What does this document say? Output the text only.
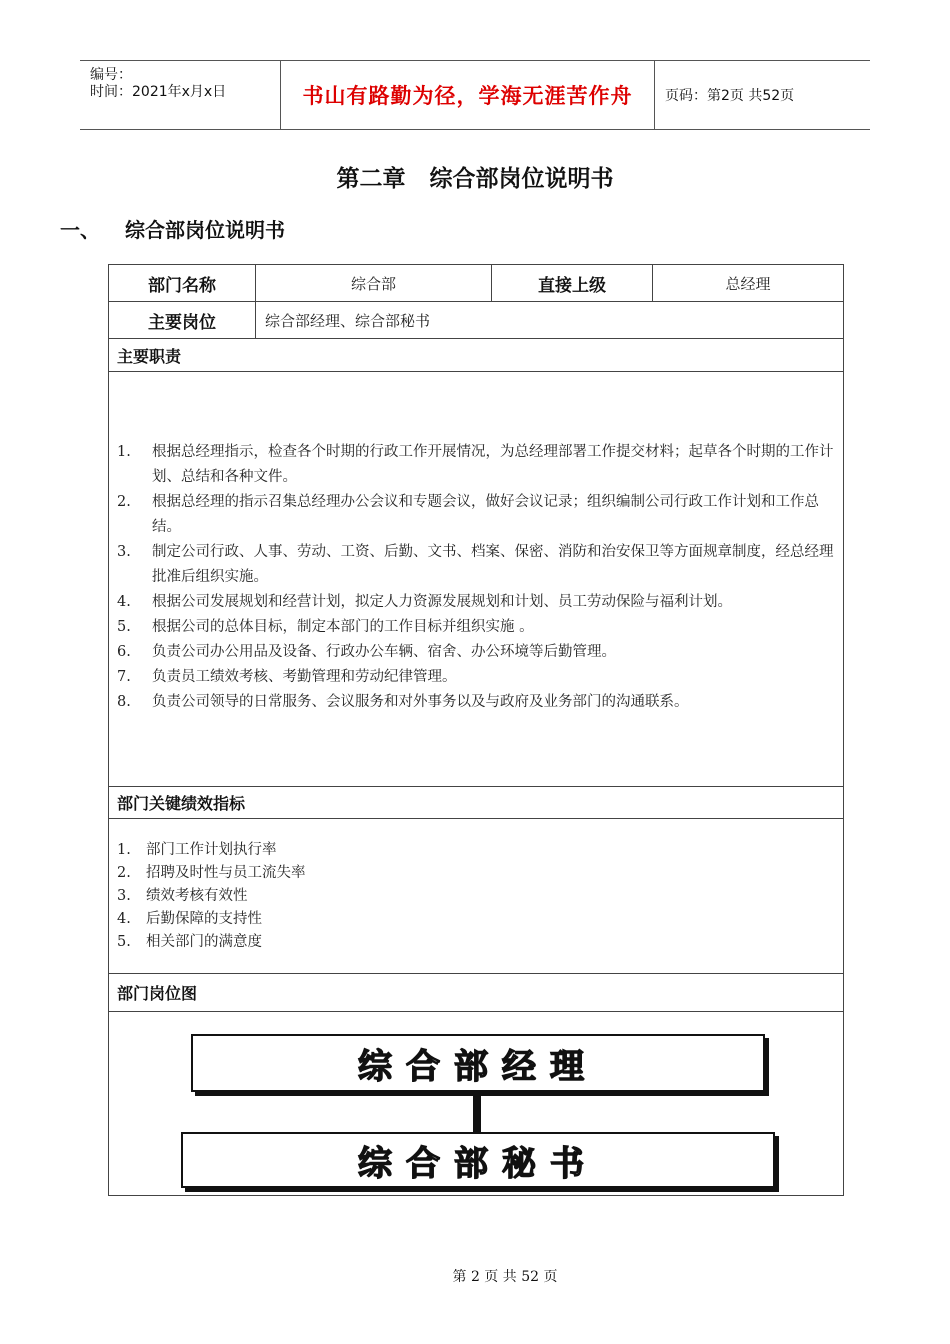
编号：
时间：2021年x月x日	书山有路勤为径，学海无涯苦作舟 页码：第2页 共52页
第二章   综合部岗位说明书
一、 综合部岗位说明书
部门名称	综合部	直接上级	总经理
主要岗位	综合部经理、综合部秘书
主要职责
1. 根据总经理指示，检查各个时期的行政工作开展情况，为总经理部署工作提交材料；起草各个时期的工作计划、总结和各种文件。
2. 根据总经理的指示召集总经理办公会议和专题会议，做好会议记录；组织编制公司行政工作计划和工作总结。
3. 制定公司行政、人事、劳动、工资、后勤、文书、档案、保密、消防和治安保卫等方面规章制度，经总经理批准后组织实施。
4. 根据公司发展规划和经营计划，拟定人力资源发展规划和计划、员工劳动保险与福利计划。
5. 根据公司的总体目标，制定本部门的工作目标并组织实施 。
6. 负责公司办公用品及设备、行政办公车辆、宿舍、办公环境等后勤管理。
7. 负责员工绩效考核、考勤管理和劳动纪律管理。
8. 负责公司领导的日常服务、会议服务和对外事务以及与政府及业务部门的沟通联系。
部门关键绩效指标
1. 部门工作计划执行率
2. 招聘及时性与员工流失率
3. 绩效考核有效性
4. 后勤保障的支持性
5. 相关部门的满意度
部门岗位图
综合部经理
综合部秘书
第 2 页 共 52 页
